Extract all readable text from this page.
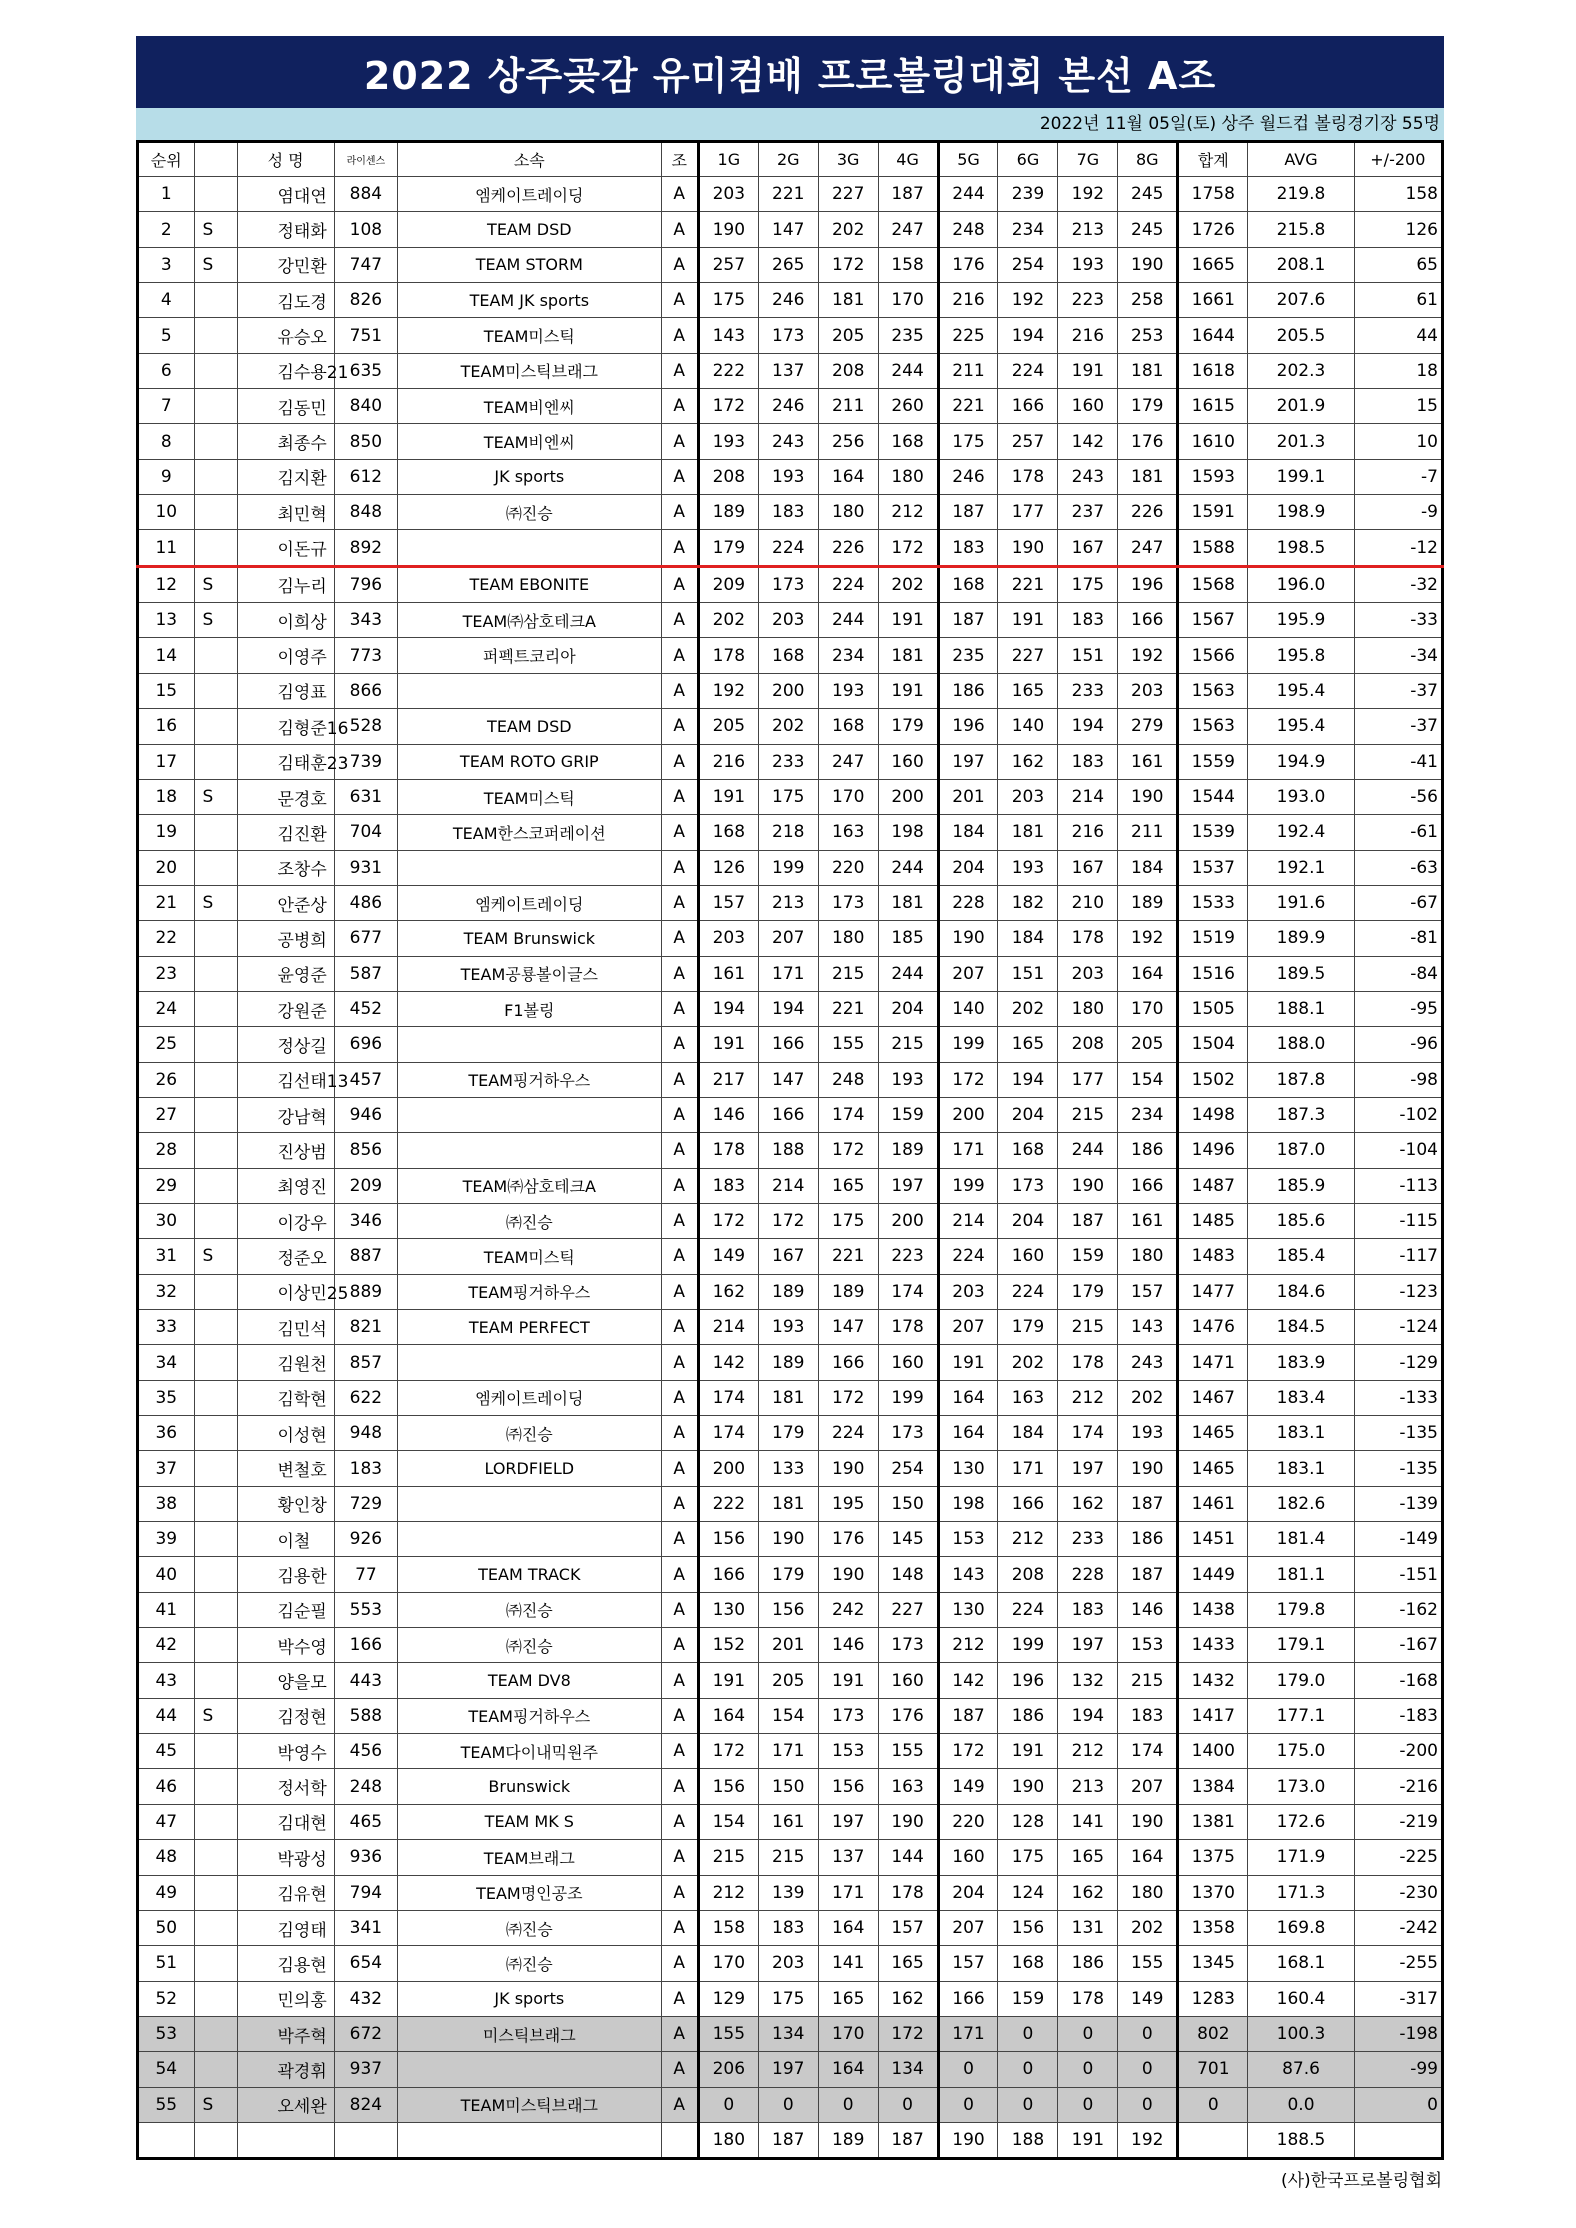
2022 상주곶감 유미컴배 프로볼링대회 본선 A조
2022년 11월 05일(토) 상주 월드컵 볼링경기장 55명
순위		성 명	라이센스	소속	조	1G	2G	3G	4G	5G	6G	7G	8G	합계	AVG	+/-200
1		염대연	884	엠케이트레이딩	A	203	221	227	187	244	239	192	245	1758	219.8	158
2	S	정태화	108	TEAM DSD	A	190	147	202	247	248	234	213	245	1726	215.8	126
3	S	강민환	747	TEAM STORM	A	257	265	172	158	176	254	193	190	1665	208.1	65
4		김도경	826	TEAM JK sports	A	175	246	181	170	216	192	223	258	1661	207.6	61
5		유승오	751	TEAM미스틱	A	143	173	205	235	225	194	216	253	1644	205.5	44
6		김수용21	635	TEAM미스틱브래그	A	222	137	208	244	211	224	191	181	1618	202.3	18
7		김동민	840	TEAM비엔씨	A	172	246	211	260	221	166	160	179	1615	201.9	15
8		최종수	850	TEAM비엔씨	A	193	243	256	168	175	257	142	176	1610	201.3	10
9		김지환	612	JK sports	A	208	193	164	180	246	178	243	181	1593	199.1	-7
10		최민혁	848	㈜진승	A	189	183	180	212	187	177	237	226	1591	198.9	-9
11		이돈규	892		A	179	224	226	172	183	190	167	247	1588	198.5	-12
12	S	김누리	796	TEAM EBONITE	A	209	173	224	202	168	221	175	196	1568	196.0	-32
13	S	이희상	343	TEAM㈜삼호테크A	A	202	203	244	191	187	191	183	166	1567	195.9	-33
14		이영주	773	퍼펙트코리아	A	178	168	234	181	235	227	151	192	1566	195.8	-34
15		김영표	866		A	192	200	193	191	186	165	233	203	1563	195.4	-37
16		김형준16	528	TEAM DSD	A	205	202	168	179	196	140	194	279	1563	195.4	-37
17		김태훈23	739	TEAM ROTO GRIP	A	216	233	247	160	197	162	183	161	1559	194.9	-41
18	S	문경호	631	TEAM미스틱	A	191	175	170	200	201	203	214	190	1544	193.0	-56
19		김진환	704	TEAM한스코퍼레이션	A	168	218	163	198	184	181	216	211	1539	192.4	-61
20		조창수	931		A	126	199	220	244	204	193	167	184	1537	192.1	-63
21	S	안준상	486	엠케이트레이딩	A	157	213	173	181	228	182	210	189	1533	191.6	-67
22		공병희	677	TEAM Brunswick	A	203	207	180	185	190	184	178	192	1519	189.9	-81
23		윤영준	587	TEAM공룡볼이글스	A	161	171	215	244	207	151	203	164	1516	189.5	-84
24		강원준	452	F1볼링	A	194	194	221	204	140	202	180	170	1505	188.1	-95
25		정상길	696		A	191	166	155	215	199	165	208	205	1504	188.0	-96
26		김선태13	457	TEAM핑거하우스	A	217	147	248	193	172	194	177	154	1502	187.8	-98
27		강남혁	946		A	146	166	174	159	200	204	215	234	1498	187.3	-102
28		진상범	856		A	178	188	172	189	171	168	244	186	1496	187.0	-104
29		최영진	209	TEAM㈜삼호테크A	A	183	214	165	197	199	173	190	166	1487	185.9	-113
30		이강우	346	㈜진승	A	172	172	175	200	214	204	187	161	1485	185.6	-115
31	S	정준오	887	TEAM미스틱	A	149	167	221	223	224	160	159	180	1483	185.4	-117
32		이상민25	889	TEAM핑거하우스	A	162	189	189	174	203	224	179	157	1477	184.6	-123
33		김민석	821	TEAM PERFECT	A	214	193	147	178	207	179	215	143	1476	184.5	-124
34		김원천	857		A	142	189	166	160	191	202	178	243	1471	183.9	-129
35		김학현	622	엠케이트레이딩	A	174	181	172	199	164	163	212	202	1467	183.4	-133
36		이성현	948	㈜진승	A	174	179	224	173	164	184	174	193	1465	183.1	-135
37		변철호	183	LORDFIELD	A	200	133	190	254	130	171	197	190	1465	183.1	-135
38		황인창	729		A	222	181	195	150	198	166	162	187	1461	182.6	-139
39		이철	926		A	156	190	176	145	153	212	233	186	1451	181.4	-149
40		김용한	77	TEAM TRACK	A	166	179	190	148	143	208	228	187	1449	181.1	-151
41		김순필	553	㈜진승	A	130	156	242	227	130	224	183	146	1438	179.8	-162
42		박수영	166	㈜진승	A	152	201	146	173	212	199	197	153	1433	179.1	-167
43		양을모	443	TEAM DV8	A	191	205	191	160	142	196	132	215	1432	179.0	-168
44	S	김정현	588	TEAM핑거하우스	A	164	154	173	176	187	186	194	183	1417	177.1	-183
45		박영수	456	TEAM다이내믹원주	A	172	171	153	155	172	191	212	174	1400	175.0	-200
46		정서학	248	Brunswick	A	156	150	156	163	149	190	213	207	1384	173.0	-216
47		김대현	465	TEAM MK S	A	154	161	197	190	220	128	141	190	1381	172.6	-219
48		박광성	936	TEAM브래그	A	215	215	137	144	160	175	165	164	1375	171.9	-225
49		김유현	794	TEAM명인공조	A	212	139	171	178	204	124	162	180	1370	171.3	-230
50		김영태	341	㈜진승	A	158	183	164	157	207	156	131	202	1358	169.8	-242
51		김용현	654	㈜진승	A	170	203	141	165	157	168	186	155	1345	168.1	-255
52		민의홍	432	JK sports	A	129	175	165	162	166	159	178	149	1283	160.4	-317
53		박주혁	672	미스틱브래그	A	155	134	170	172	171	0	0	0	802	100.3	-198
54		곽경휘	937		A	206	197	164	134	0	0	0	0	701	87.6	-99
55	S	오세완	824	TEAM미스틱브래그	A	0	0	0	0	0	0	0	0	0	0.0	0
						180	187	189	187	190	188	191	192		188.5	
(사)한국프로볼링협회
